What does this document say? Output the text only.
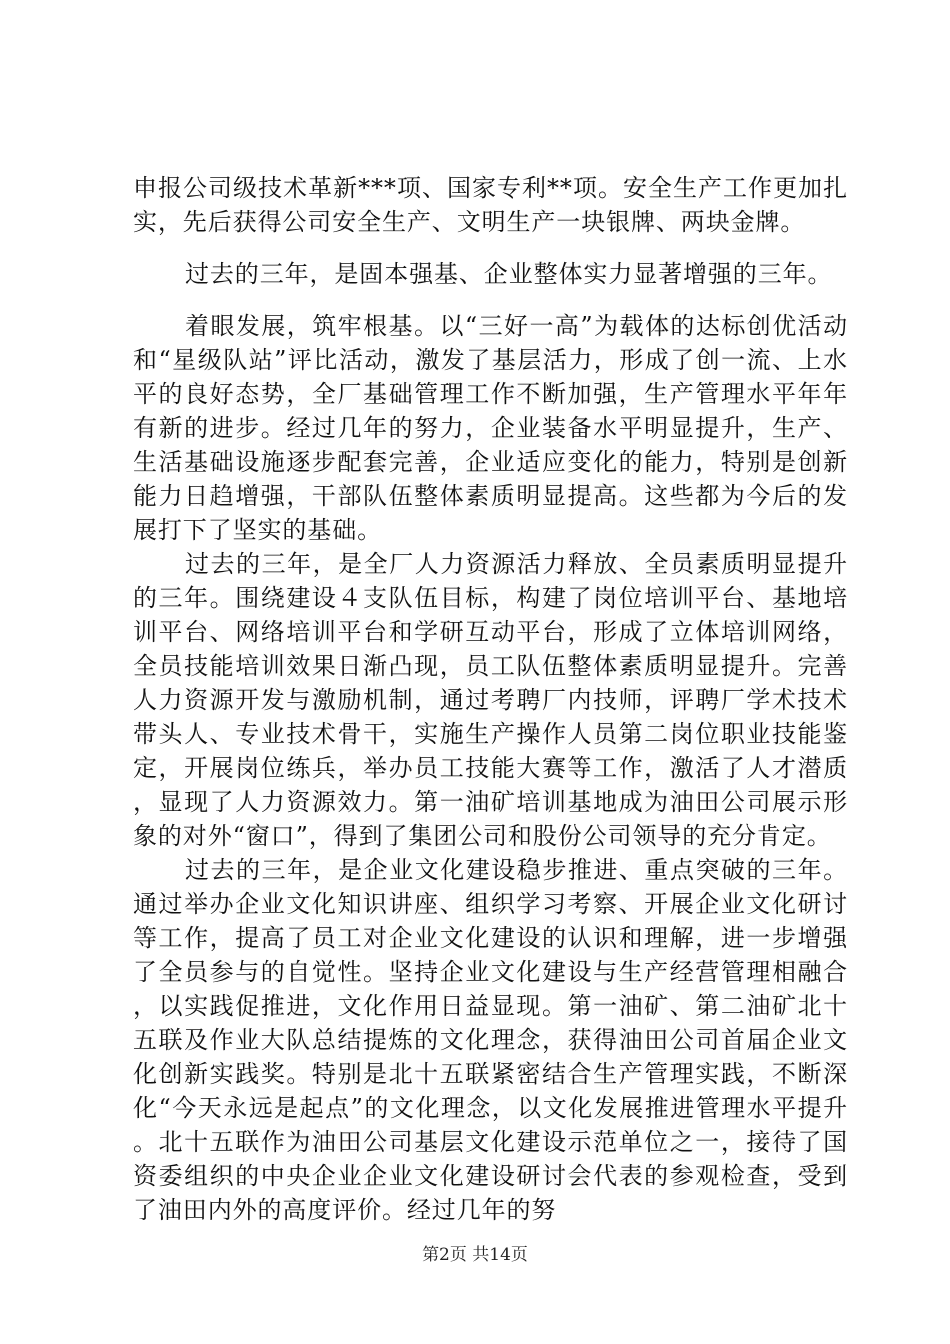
申报公司级技术革新***项、国家专利**项。安全生产工作更加扎实，先后获得公司安全生产、文明生产一块银牌、两块金牌。

过去的三年，是固本强基、企业整体实力显著增强的三年。

着眼发展，筑牢根基。以“三好一高”为载体的达标创优活动和“星级队站”评比活动，激发了基层活力，形成了创一流、上水平的良好态势，全厂基础管理工作不断加强，生产管理水平年年有新的进步。经过几年的努力，企业装备水平明显提升，生产、生活基础设施逐步配套完善，企业适应变化的能力，特别是创新能力日趋增强，干部队伍整体素质明显提高。这些都为今后的发展打下了坚实的基础。

过去的三年，是全厂人力资源活力释放、全员素质明显提升的三年。围绕建设４支队伍目标，构建了岗位培训平台、基地培训平台、网络培训平台和学研互动平台，形成了立体培训网络，全员技能培训效果日渐凸现，员工队伍整体素质明显提升。完善人力资源开发与激励机制，通过考聘厂内技师，评聘厂学术技术带头人、专业技术骨干，实施生产操作人员第二岗位职业技能鉴定，开展岗位练兵，举办员工技能大赛等工作，激活了人才潜质，显现了人力资源效力。第一油矿培训基地成为油田公司展示形象的对外“窗口”，得到了集团公司和股份公司领导的充分肯定。

过去的三年，是企业文化建设稳步推进、重点突破的三年。通过举办企业文化知识讲座、组织学习考察、开展企业文化研讨等工作，提高了员工对企业文化建设的认识和理解，进一步增强了全员参与的自觉性。坚持企业文化建设与生产经营管理相融合，以实践促推进，文化作用日益显现。第一油矿、第二油矿北十五联及作业大队总结提炼的文化理念，获得油田公司首届企业文化创新实践奖。特别是北十五联紧密结合生产管理实践，不断深化“今天永远是起点”的文化理念，以文化发展推进管理水平提升。北十五联作为油田公司基层文化建设示范单位之一，接待了国资委组织的中央企业企业文化建设研讨会代表的参观检查，受到了油田内外的高度评价。经过几年的努

第2页 共14页
